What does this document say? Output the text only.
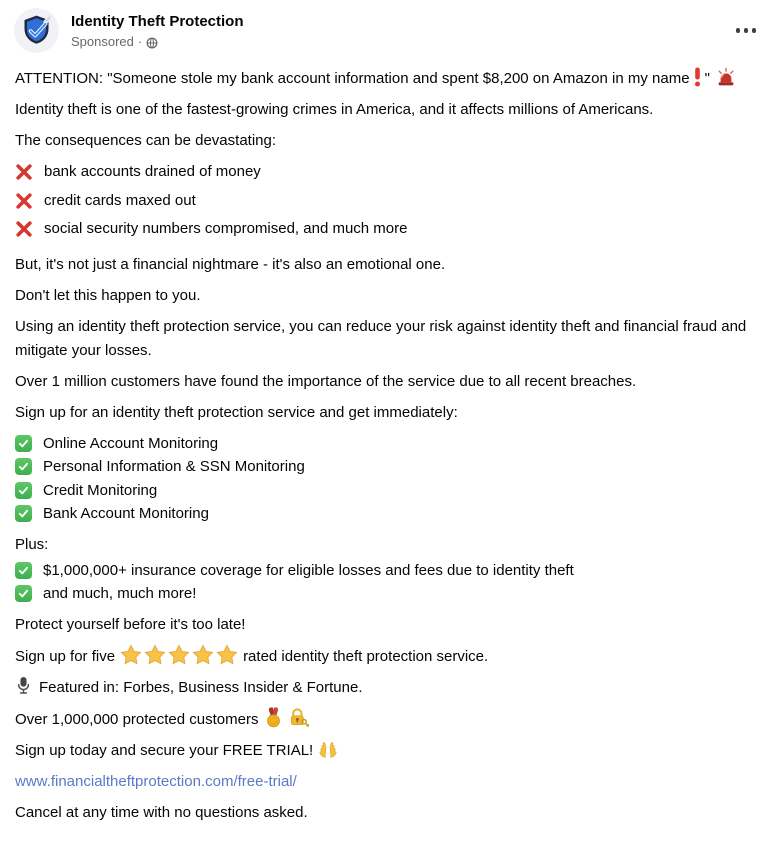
Identity Theft Protection
Sponsored ·

ATTENTION: "Someone stole my bank account information and spent $8,200 on Amazon in my name "

Identity theft is one of the fastest-growing crimes in America, and it affects millions of Americans.

The consequences can be devastating:

bank accounts drained of money
credit cards maxed out
social security numbers compromised, and much more

But, it's not just a financial nightmare - it's also an emotional one.

Don't let this happen to you.

Using an identity theft protection service, you can reduce your risk against identity theft and financial fraud and mitigate your losses.

Over 1 million customers have found the importance of the service due to all recent breaches.

Sign up for an identity theft protection service and get immediately:

Online Account Monitoring
Personal Information & SSN Monitoring
Credit Monitoring
Bank Account Monitoring

Plus:

$1,000,000+ insurance coverage for eligible losses and fees due to identity theft
and much, much more!

Protect yourself before it's too late!

Sign up for five	rated identity theft protection service.

Featured in: Forbes, Business Insider & Fortune.

Over 1,000,000 protected customers

Sign up today and secure your FREE TRIAL!

www.financialtheftprotection.com/free-trial/

Cancel at any time with no questions asked.
